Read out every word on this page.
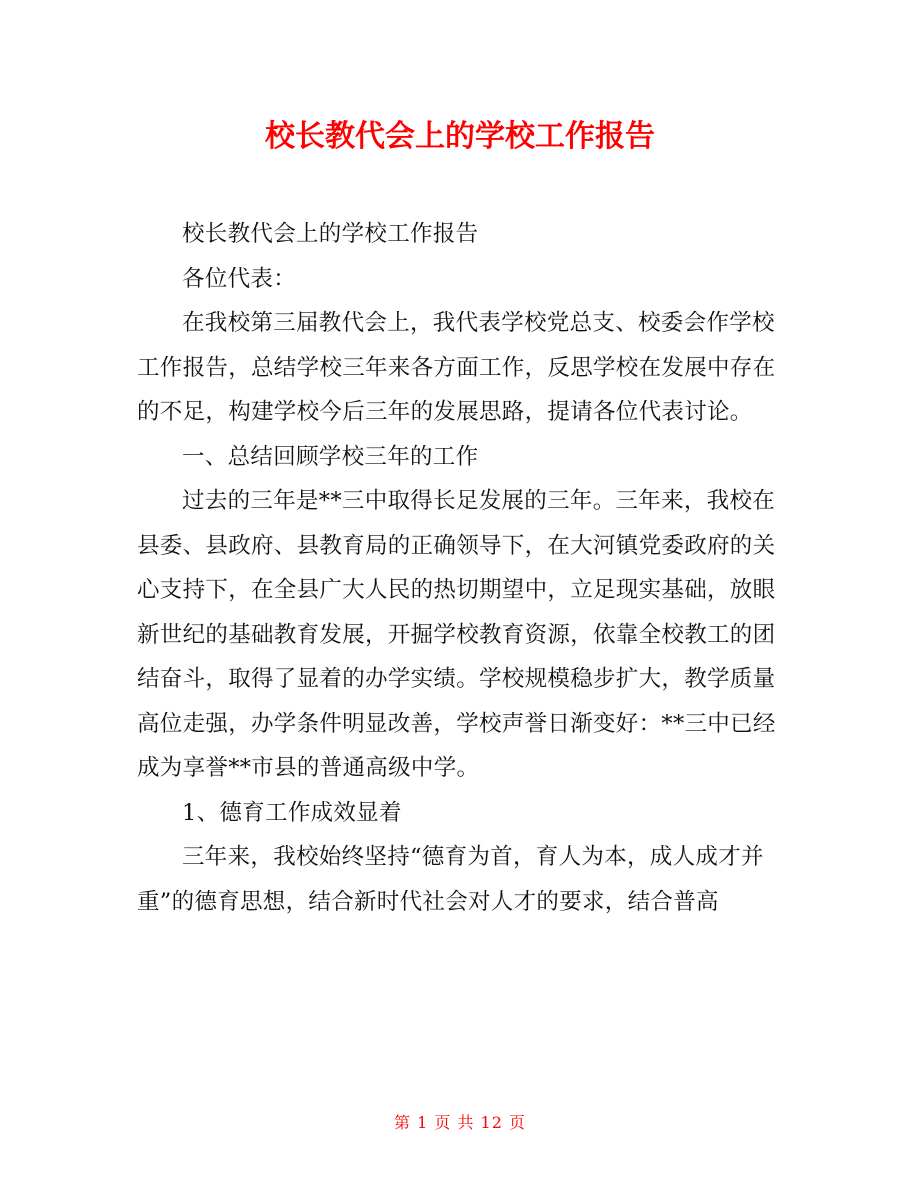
校长教代会上的学校工作报告

校长教代会上的学校工作报告

各位代表：

在我校第三届教代会上，我代表学校党总支、校委会作学校工作报告，总结学校三年来各方面工作，反思学校在发展中存在的不足，构建学校今后三年的发展思路，提请各位代表讨论。

一、总结回顾学校三年的工作

过去的三年是**三中取得长足发展的三年。三年来，我校在县委、县政府、县教育局的正确领导下，在大河镇党委政府的关心支持下，在全县广大人民的热切期望中，立足现实基础，放眼新世纪的基础教育发展，开掘学校教育资源，依靠全校教工的团结奋斗，取得了显着的办学实绩。学校规模稳步扩大，教学质量高位走强，办学条件明显改善，学校声誉日渐变好：**三中已经成为享誉**市县的普通高级中学。

1、德育工作成效显着

三年来，我校始终坚持“德育为首，育人为本，成人成才并重”的德育思想，结合新时代社会对人才的要求，结合普高

第 1 页 共 12 页
